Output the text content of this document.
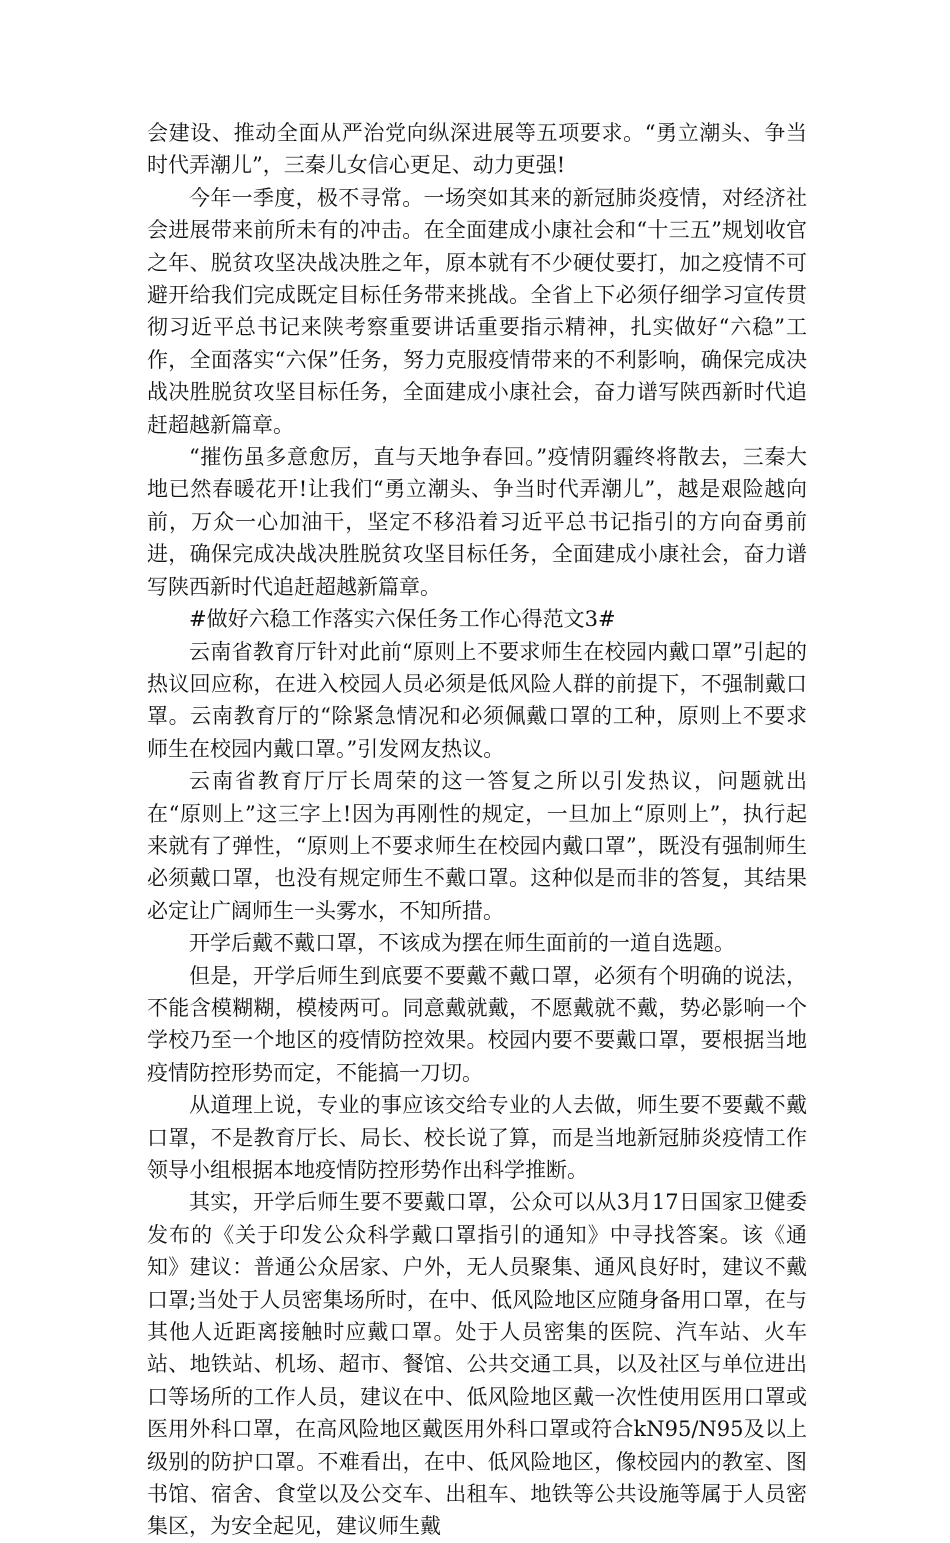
会建设、推动全面从严治党向纵深进展等五项要求。“勇立潮头、争当时代弄潮儿”，三秦儿女信心更足、动力更强!

今年一季度，极不寻常。一场突如其来的新冠肺炎疫情，对经济社会进展带来前所未有的冲击。在全面建成小康社会和“十三五”规划收官之年、脱贫攻坚决战决胜之年，原本就有不少硬仗要打，加之疫情不可避开给我们完成既定目标任务带来挑战。全省上下必须仔细学习宣传贯彻习近平总书记来陕考察重要讲话重要指示精神，扎实做好“六稳”工作，全面落实“六保”任务，努力克服疫情带来的不利影响，确保完成决战决胜脱贫攻坚目标任务，全面建成小康社会，奋力谱写陕西新时代追赶超越新篇章。

“摧伤虽多意愈厉，直与天地争春回。”疫情阴霾终将散去，三秦大地已然春暖花开!让我们“勇立潮头、争当时代弄潮儿”，越是艰险越向前，万众一心加油干，坚定不移沿着习近平总书记指引的方向奋勇前进，确保完成决战决胜脱贫攻坚目标任务，全面建成小康社会，奋力谱写陕西新时代追赶超越新篇章。

#做好六稳工作落实六保任务工作心得范文3#

云南省教育厅针对此前“原则上不要求师生在校园内戴口罩”引起的热议回应称，在进入校园人员必须是低风险人群的前提下，不强制戴口罩。云南教育厅的“除紧急情况和必须佩戴口罩的工种，原则上不要求师生在校园内戴口罩。”引发网友热议。

云南省教育厅厅长周荣的这一答复之所以引发热议，问题就出在“原则上”这三字上!因为再刚性的规定，一旦加上“原则上”，执行起来就有了弹性，“原则上不要求师生在校园内戴口罩”，既没有强制师生必须戴口罩，也没有规定师生不戴口罩。这种似是而非的答复，其结果必定让广阔师生一头雾水，不知所措。

开学后戴不戴口罩，不该成为摆在师生面前的一道自选题。

但是，开学后师生到底要不要戴不戴口罩，必须有个明确的说法，不能含模糊糊，模棱两可。同意戴就戴，不愿戴就不戴，势必影响一个学校乃至一个地区的疫情防控效果。校园内要不要戴口罩，要根据当地疫情防控形势而定，不能搞一刀切。

从道理上说，专业的事应该交给专业的人去做，师生要不要戴不戴口罩，不是教育厅长、局长、校长说了算，而是当地新冠肺炎疫情工作领导小组根据本地疫情防控形势作出科学推断。

其实，开学后师生要不要戴口罩，公众可以从3月17日国家卫健委发布的《关于印发公众科学戴口罩指引的通知》中寻找答案。该《通知》建议：普通公众居家、户外，无人员聚集、通风良好时，建议不戴口罩;当处于人员密集场所时，在中、低风险地区应随身备用口罩，在与其他人近距离接触时应戴口罩。处于人员密集的医院、汽车站、火车站、地铁站、机场、超市、餐馆、公共交通工具，以及社区与单位进出口等场所的工作人员，建议在中、低风险地区戴一次性使用医用口罩或医用外科口罩，在高风险地区戴医用外科口罩或符合kN95/N95及以上级别的防护口罩。不难看出，在中、低风险地区，像校园内的教室、图书馆、宿舍、食堂以及公交车、出租车、地铁等公共设施等属于人员密集区，为安全起见，建议师生戴
